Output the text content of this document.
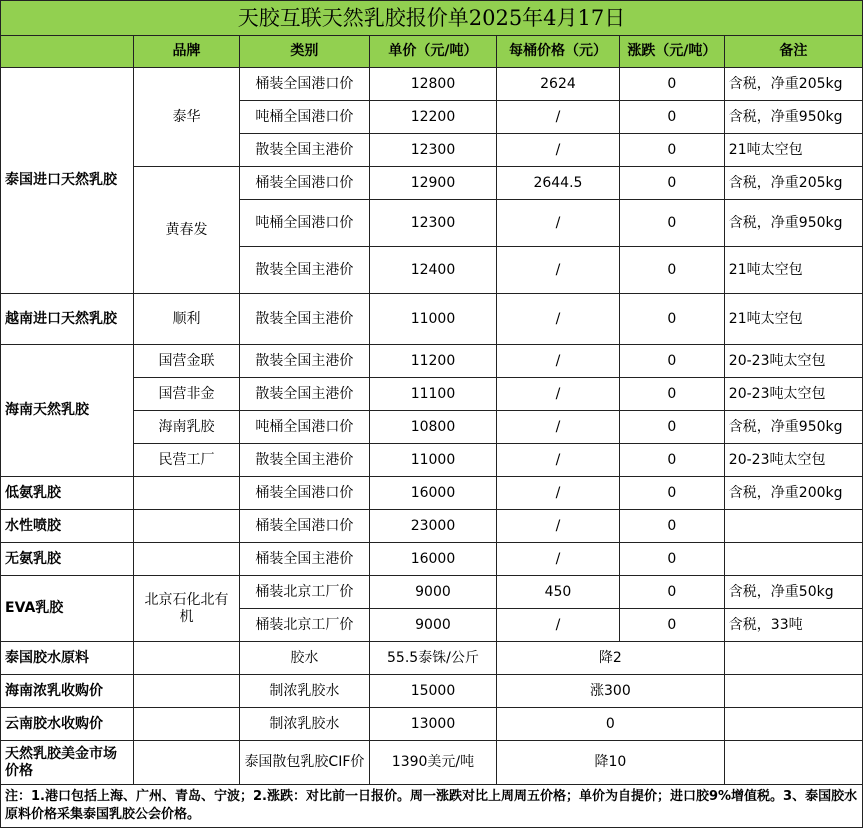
天胶互联天然乳胶报价单2025年4月17日						
	品牌	类别	单价（元/吨）	每桶价格（元）	涨跌（元/吨）	备注
泰国进口天然乳胶	泰华	桶装全国港口价	12800	2624	0	含税，净重205kg
		吨桶全国港口价	12200	/	0	含税，净重950kg
		散装全国主港价	12300	/	0	21吨太空包
	黄春发	桶装全国港口价	12900	2644.5	0	含税，净重205kg
		吨桶全国港口价	12300	/	0	含税，净重950kg
		散装全国主港价	12400	/	0	21吨太空包
越南进口天然乳胶	顺利	散装全国主港价	11000	/	0	21吨太空包
海南天然乳胶	国营金联	散装全国主港价	11200	/	0	20-23吨太空包
	国营非金	散装全国主港价	11100	/	0	20-23吨太空包
	海南乳胶	吨桶全国港口价	10800	/	0	含税，净重950kg
	民营工厂	散装全国主港价	11000	/	0	20-23吨太空包
低氨乳胶		桶装全国港口价	16000	/	0	含税，净重200kg
水性喷胶		桶装全国港口价	23000	/	0	
无氨乳胶		桶装全国主港价	16000	/	0	
EVA乳胶	北京石化北有机	桶装北京工厂价	9000	450	0	含税，净重50kg
		桶装北京工厂价	9000	/	0	含税，33吨
泰国胶水原料		胶水	55.5泰铢/公斤	降2		
海南浓乳收购价		制浓乳胶水	15000	涨300		
云南胶水收购价		制浓乳胶水	13000	0		
天然乳胶美金市场价格		泰国散包乳胶CIF价	1390美元/吨	降10		
注：1.港口包括上海、广州、青岛、宁波；2.涨跌：对比前一日报价。周一涨跌对比上周周五价格；单价为自提价；进口胶9%增值税。3、泰国胶水原料价格采集泰国乳胶公会价格。						
